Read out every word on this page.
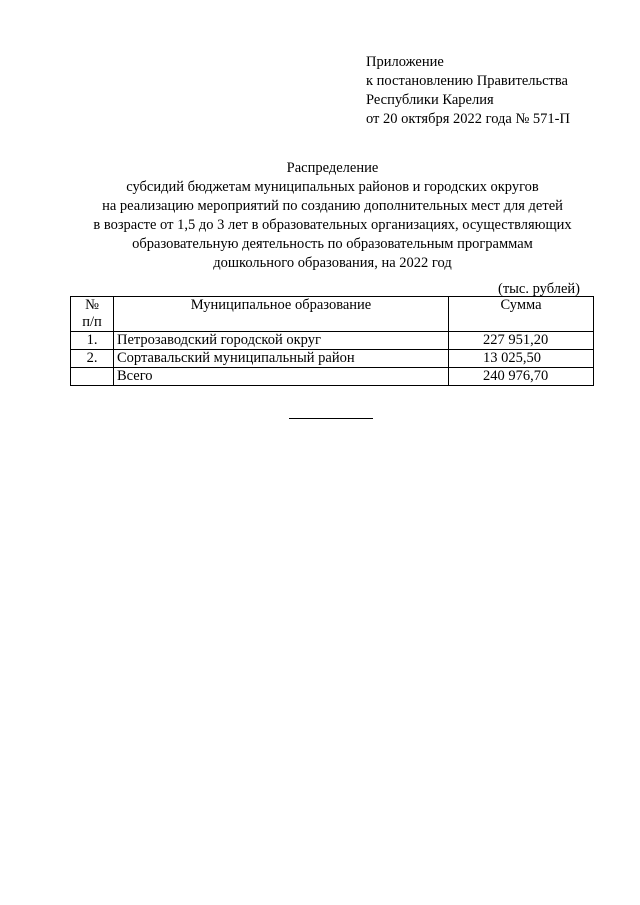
Приложение
к постановлению Правительства
Республики Карелия
от 20 октября 2022 года № 571-П
Распределение
субсидий бюджетам муниципальных районов и городских округов
на реализацию мероприятий по созданию дополнительных мест для детей
в возрасте от 1,5 до 3 лет в образовательных организациях, осуществляющих
образовательную деятельность по образовательным программам
дошкольного образования, на 2022 год
(тыс. рублей)
№
п/п	Муниципальное образование	Сумма
1.	Петрозаводский городской округ	227 951,20
2.	Сортавальский муниципальный район	13 025,50
	Всего	240 976,70
